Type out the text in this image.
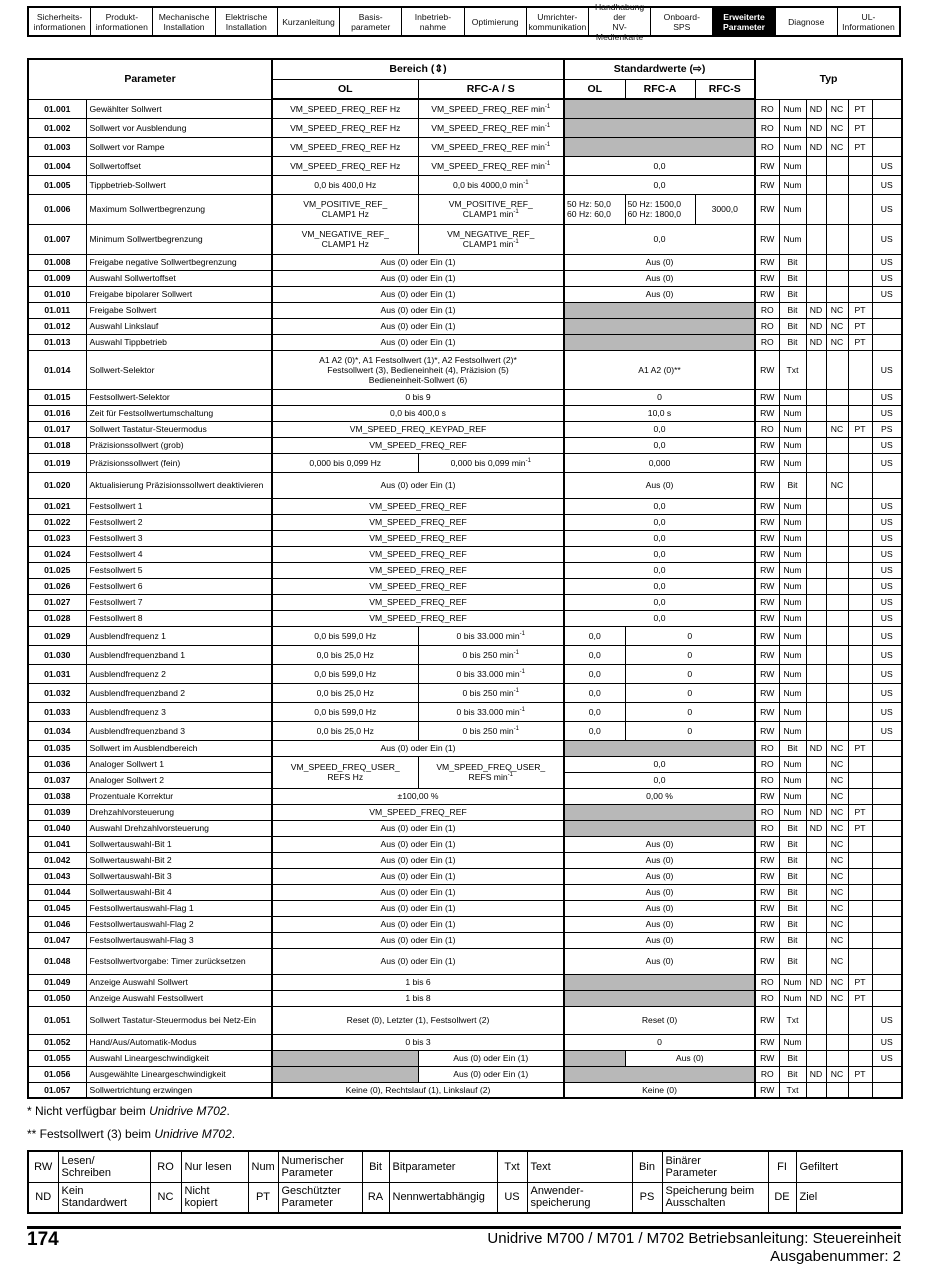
Sicherheits-
informationen
Produkt-
informationen
Mechanische
Installation
Elektrische
Installation	Kurzanleitung	Basis-
parameter
Inbetrieb-
nahme	Optimierung	Umrichter-
kommunikation
Handhabung der
NV-Medienkarte
Onboard-
SPS
Erweiterte
Parameter	Diagnose	UL-Informationen
Parameter		Bereich (⇕)		Standardwerte (⇨)			Typ					
		OL	RFC-A / S	OL	RFC-A	RFC-S						
01.001	Gewählter Sollwert	VM_SPEED_FREQ_REF Hz	VM_SPEED_FREQ_REF $\min^{-1}$				RO	Num	ND	NC	PT	
01.002	Sollwert vor Ausblendung	VM_SPEED_FREQ_REF Hz	VM_SPEED_FREQ_REF $\min^{-1}$				RO	Num	ND	NC	PT	
01.003	Sollwert vor Rampe	VM_SPEED_FREQ_REF Hz	VM_SPEED_FREQ_REF $\min^{-1}$				RO	Num	ND	NC	PT	
01.004	Sollwertoffset	VM_SPEED_FREQ_REF Hz	VM_SPEED_FREQ_REF $\min^{-1}$	0,0			RW	Num				US
01.005	Tippbetrieb-Sollwert	0,0 bis 400,0 Hz	0,0 bis 4000,0 $\min^{-1}$	0,0			RW	Num				US
01.006	Maximum Sollwertbegrenzung	VM_POSITIVE_REF_
CLAMP1 Hz	VM_POSITIVE_REF_
CLAMP1 $\min^{-1}$	50 Hz: 50,0
60 Hz: 60,0	50 Hz: 1500,0
60 Hz: 1800,0	3000,0	RW	Num				US
01.007	Minimum Sollwertbegrenzung	VM_NEGATIVE_REF_
CLAMP1 Hz	VM_NEGATIVE_REF_
CLAMP1 $\min^{-1}$	0,0			RW	Num				US
01.008	Freigabe negative Sollwertbegrenzung	Aus (0) oder Ein (1)		Aus (0)			RW	Bit				US
01.009	Auswahl Sollwertoffset	Aus (0) oder Ein (1)		Aus (0)			RW	Bit				US
01.010	Freigabe bipolarer Sollwert	Aus (0) oder Ein (1)		Aus (0)			RW	Bit				US
01.011	Freigabe Sollwert	Aus (0) oder Ein (1)					RO	Bit	ND	NC	PT	
01.012	Auswahl Linkslauf	Aus (0) oder Ein (1)					RO	Bit	ND	NC	PT	
01.013	Auswahl Tippbetrieb	Aus (0) oder Ein (1)					RO	Bit	ND	NC	PT	
01.014	Sollwert-Selektor	A1 A2 (0)*, A1 Festsollwert (1)*, A2 Festsollwert (2)*
Festsollwert (3), Bedieneinheit (4), Präzision (5)
Bedieneinheit-Sollwert (6)		A1 A2 (0)**			RW	Txt				US
01.015	Festsollwert-Selektor	0 bis 9		0			RW	Num				US
01.016	Zeit für Festsollwertumschaltung	0,0 bis 400,0 s		10,0 s			RW	Num				US
01.017	Sollwert Tastatur-Steuermodus	VM_SPEED_FREQ_KEYPAD_REF		0,0			RO	Num		NC	PT	PS
01.018	Präzisionssollwert (grob)	VM_SPEED_FREQ_REF		0,0			RW	Num				US
01.019	Präzisionssollwert (fein)	0,000 bis 0,099 Hz	0,000 bis 0,099 $\min^{-1}$	0,000			RW	Num				US
01.020	Aktualisierung Präzisionssollwert deaktivieren	Aus (0) oder Ein (1)		Aus (0)			RW	Bit		NC		
01.021	Festsollwert 1	VM_SPEED_FREQ_REF		0,0			RW	Num				US
01.022	Festsollwert 2	VM_SPEED_FREQ_REF		0,0			RW	Num				US
01.023	Festsollwert 3	VM_SPEED_FREQ_REF		0,0			RW	Num				US
01.024	Festsollwert 4	VM_SPEED_FREQ_REF		0,0			RW	Num				US
01.025	Festsollwert 5	VM_SPEED_FREQ_REF		0,0			RW	Num				US
01.026	Festsollwert 6	VM_SPEED_FREQ_REF		0,0			RW	Num				US
01.027	Festsollwert 7	VM_SPEED_FREQ_REF		0,0			RW	Num				US
01.028	Festsollwert 8	VM_SPEED_FREQ_REF		0,0			RW	Num				US
01.029	Ausblendfrequenz 1	0,0 bis 599,0 Hz	0 bis 33.000 $\min^{-1}$	0,0	0		RW	Num				US
01.030	Ausblendfrequenzband 1	0,0 bis 25,0 Hz	0 bis 250 $\min^{-1}$	0,0	0		RW	Num				US
01.031	Ausblendfrequenz 2	0,0 bis 599,0 Hz	0 bis 33.000 $\min^{-1}$	0,0	0		RW	Num				US
01.032	Ausblendfrequenzband 2	0,0 bis 25,0 Hz	0 bis 250 $\min^{-1}$	0,0	0		RW	Num				US
01.033	Ausblendfrequenz 3	0,0 bis 599,0 Hz	0 bis 33.000 $\min^{-1}$	0,0	0		RW	Num				US
01.034	Ausblendfrequenzband 3	0,0 bis 25,0 Hz	0 bis 250 $\min^{-1}$	0,0	0		RW	Num				US
01.035	Sollwert im Ausblendbereich	Aus (0) oder Ein (1)					RO	Bit	ND	NC	PT	
01.036	Analoger Sollwert 1	VM_SPEED_FREQ_USER_
REFS Hz	VM_SPEED_FREQ_USER_
REFS $\min^{-1}$	0,0			RO	Num		NC		
01.037	Analoger Sollwert 2			0,0			RO	Num		NC		
01.038	Prozentuale Korrektur	±100,00 %		0,00 %			RW	Num		NC		
01.039	Drehzahlvorsteuerung	VM_SPEED_FREQ_REF					RO	Num	ND	NC	PT	
01.040	Auswahl Drehzahlvorsteuerung	Aus (0) oder Ein (1)					RO	Bit	ND	NC	PT	
01.041	Sollwertauswahl-Bit 1	Aus (0) oder Ein (1)		Aus (0)			RW	Bit		NC		
01.042	Sollwertauswahl-Bit 2	Aus (0) oder Ein (1)		Aus (0)			RW	Bit		NC		
01.043	Sollwertauswahl-Bit 3	Aus (0) oder Ein (1)		Aus (0)			RW	Bit		NC		
01.044	Sollwertauswahl-Bit 4	Aus (0) oder Ein (1)		Aus (0)			RW	Bit		NC		
01.045	Festsollwertauswahl-Flag 1	Aus (0) oder Ein (1)		Aus (0)			RW	Bit		NC		
01.046	Festsollwertauswahl-Flag 2	Aus (0) oder Ein (1)		Aus (0)			RW	Bit		NC		
01.047	Festsollwertauswahl-Flag 3	Aus (0) oder Ein (1)		Aus (0)			RW	Bit		NC		
01.048	Festsollwertvorgabe: Timer zurücksetzen	Aus (0) oder Ein (1)		Aus (0)			RW	Bit		NC		
01.049	Anzeige Auswahl Sollwert	1 bis 6					RO	Num	ND	NC	PT	
01.050	Anzeige Auswahl Festsollwert	1 bis 8					RO	Num	ND	NC	PT	
01.051	Sollwert Tastatur-Steuermodus bei Netz-Ein	Reset (0), Letzter (1), Festsollwert (2)		Reset (0)			RW	Txt				US
01.052	Hand/Aus/Automatik-Modus	0 bis 3		0			RW	Num				US
01.055	Auswahl Lineargeschwindigkeit		Aus (0) oder Ein (1)		Aus (0)		RW	Bit				US
01.056	Ausgewählte Lineargeschwindigkeit		Aus (0) oder Ein (1)				RO	Bit	ND	NC	PT	
01.057	Sollwertrichtung erzwingen	Keine (0), Rechtslauf (1), Linkslauf (2)		Keine (0)			RW	Txt				
* Nicht verfügbar beim Unidrive M702.
** Festsollwert (3) beim Unidrive M702.
RW	Lesen/
Schreiben	RO	Nur lesen	Num	Numerischer
Parameter	Bit	Bitparameter	Txt	Text	Bin	Binärer
Parameter	FI	Gefiltert
ND	Kein
Standardwert	NC	Nicht
kopiert	PT	Geschützter
Parameter	RA	Nennwertabhängig	US	Anwender-
speicherung	PS	Speicherung beim
Ausschalten	DE	Ziel
174	Unidrive M700 / M701 / M702 Betriebsanleitung: Steuereinheit
Ausgabenummer: 2
